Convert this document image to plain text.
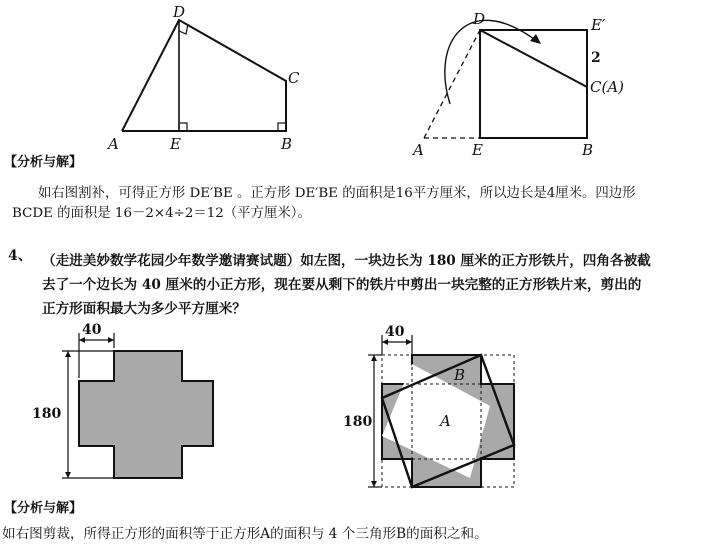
D
C
A	E	B
D	E′
2
C(A)
A	E	B
【分析与解】
如右图割补，可得正方形 DE′BE 。正方形 DE′BE 的面积是16平方厘米，所以边长是4厘米。四边形
BCDE 的面积是 16－2×4÷2＝12（平方厘米）。
4、 （走进美妙数学花园少年数学邀请赛试题）如左图，一块边长为 180 厘米的正方形铁片，四角各被截
去了一个边长为 40 厘米的小正方形，现在要从剩下的铁片中剪出一块完整的正方形铁片来，剪出的
正方形面积最大为多少平方厘米？
40
180
40
180	A
B
【分析与解】
如右图剪裁，所得正方形的面积等于正方形A的面积与 4 个三角形B的面积之和。
